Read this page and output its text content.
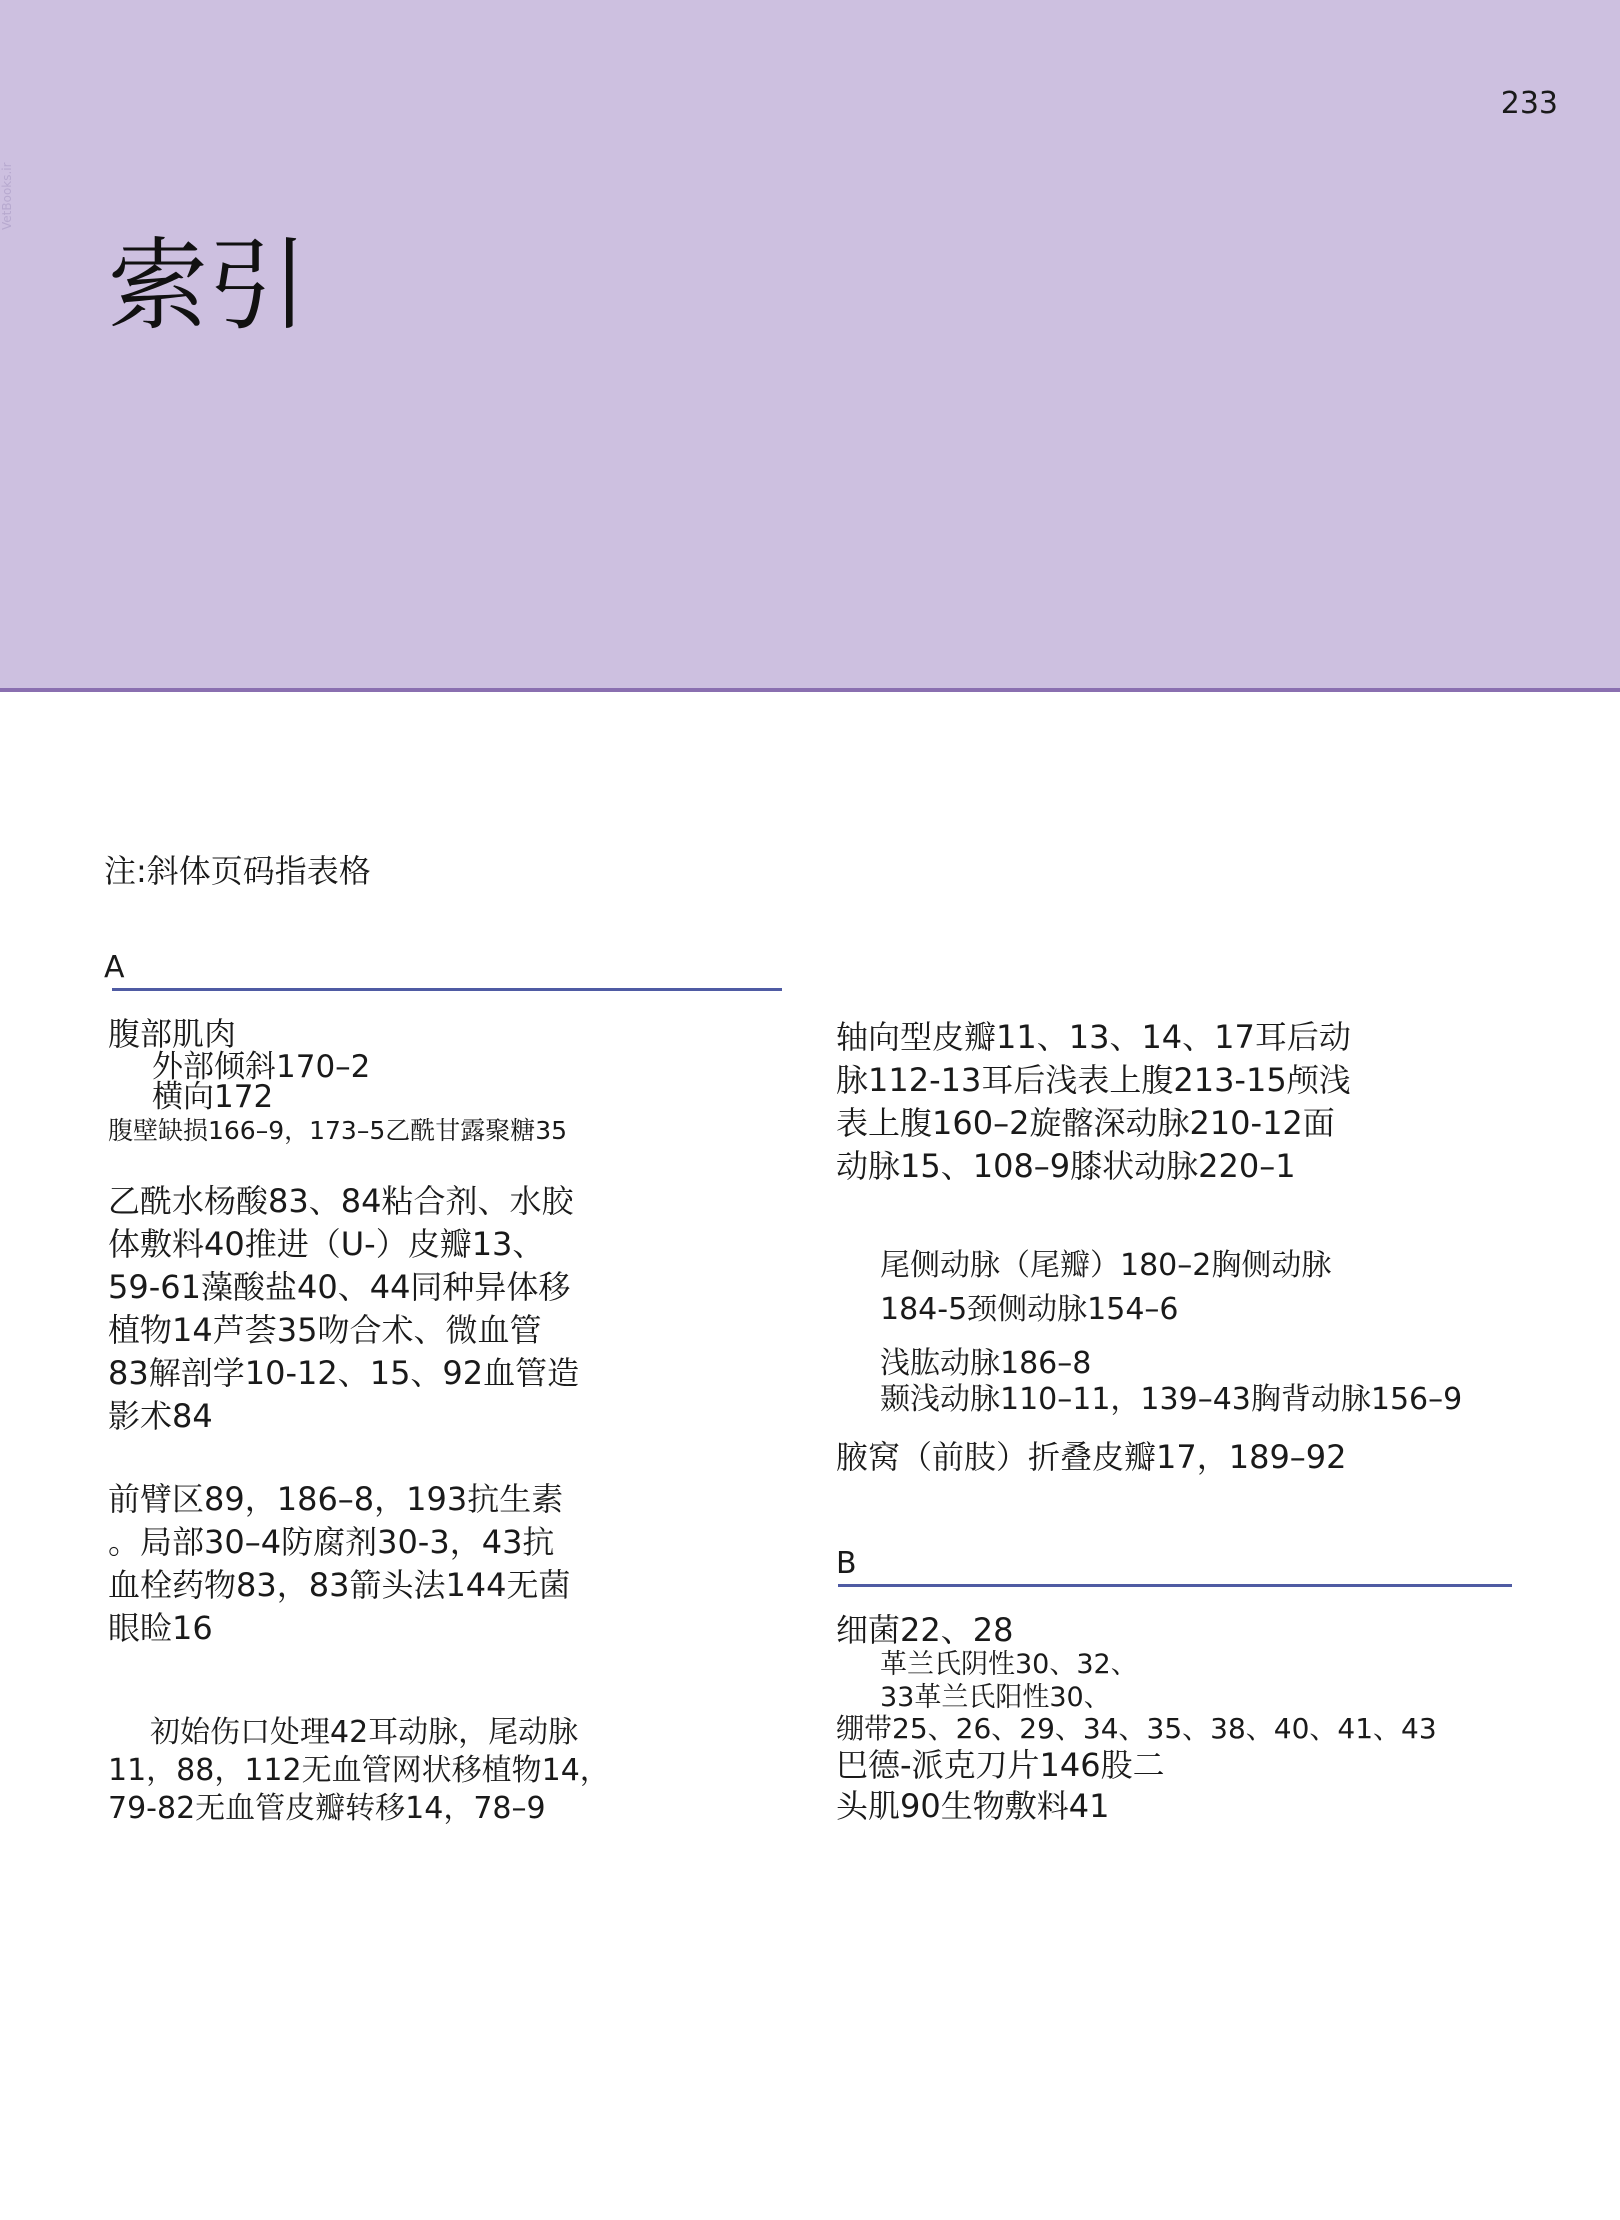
233
索引
VetBooks.ir
注:斜体页码指表格
A
腹部肌肉
外部倾斜170–2
横向172
腹壁缺损166–9，173–5乙酰甘露聚糖35
乙酰水杨酸83、84粘合剂、水胶
体敷料40推进（U-）皮瓣13、
59-61藻酸盐40、44同种异体移
植物14芦荟35吻合术、微血管
83解剖学10-12、15、92血管造
影术84
前臂区89，186–8，193抗生素
。局部30–4防腐剂30-3，43抗
血栓药物83，83箭头法144无菌
眼睑16
初始伤口处理42耳动脉，尾动脉
11，88，112无血管网状移植物14，
79-82无血管皮瓣转移14，78–9
轴向型皮瓣11、13、14、17耳后动
脉112-13耳后浅表上腹213-15颅浅
表上腹160–2旋髂深动脉210-12面
动脉15、108–9膝状动脉220–1
尾侧动脉（尾瓣）180–2胸侧动脉
184-5颈侧动脉154–6
浅肱动脉186–8
颞浅动脉110–11，139–43胸背动脉156–9
腋窝（前肢）折叠皮瓣17，189–92
B
细菌22、28
革兰氏阴性30、32、
33革兰氏阳性30、
绷带25、26、29、34、35、38、40、41、43
巴德-派克刀片146股二
头肌90生物敷料41
